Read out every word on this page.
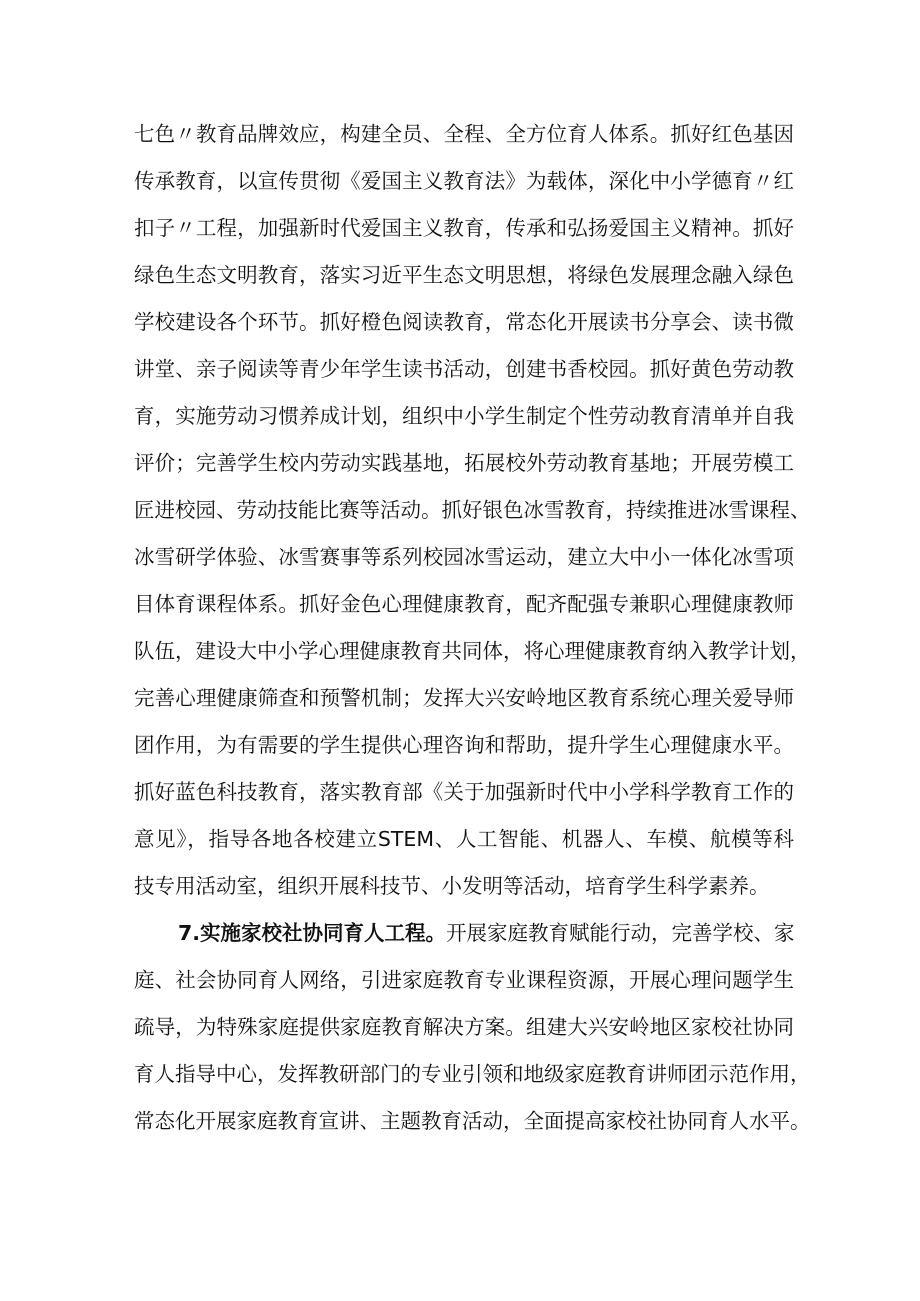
七色〃教育品牌效应，构建全员、全程、全方位育人体系。抓好红色基因
传承教育，以宣传贯彻《爱国主义教育法》为载体，深化中小学德育〃红
扣子〃工程，加强新时代爱国主义教育，传承和弘扬爱国主义精神。抓好
绿色生态文明教育，落实习近平生态文明思想，将绿色发展理念融入绿色
学校建设各个环节。抓好橙色阅读教育，常态化开展读书分享会、读书微
讲堂、亲子阅读等青少年学生读书活动，创建书香校园。抓好黄色劳动教
育，实施劳动习惯养成计划，组织中小学生制定个性劳动教育清单并自我
评价；完善学生校内劳动实践基地，拓展校外劳动教育基地；开展劳模工
匠进校园、劳动技能比赛等活动。抓好银色冰雪教育，持续推进冰雪课程、
冰雪研学体验、冰雪赛事等系列校园冰雪运动，建立大中小一体化冰雪项
目体育课程体系。抓好金色心理健康教育，配齐配强专兼职心理健康教师
队伍，建设大中小学心理健康教育共同体，将心理健康教育纳入教学计划，
完善心理健康筛查和预警机制；发挥大兴安岭地区教育系统心理关爱导师
团作用，为有需要的学生提供心理咨询和帮助，提升学生心理健康水平。
抓好蓝色科技教育，落实教育部《关于加强新时代中小学科学教育工作的
意见》，指导各地各校建立STEM、人工智能、机器人、车模、航模等科
技专用活动室，组织开展科技节、小发明等活动，培育学生科学素养。
7.实施家校社协同育人工程。开展家庭教育赋能行动，完善学校、家
庭、社会协同育人网络，引进家庭教育专业课程资源，开展心理问题学生
疏导，为特殊家庭提供家庭教育解决方案。组建大兴安岭地区家校社协同
育人指导中心，发挥教研部门的专业引领和地级家庭教育讲师团示范作用，
常态化开展家庭教育宣讲、主题教育活动，全面提高家校社协同育人水平。
